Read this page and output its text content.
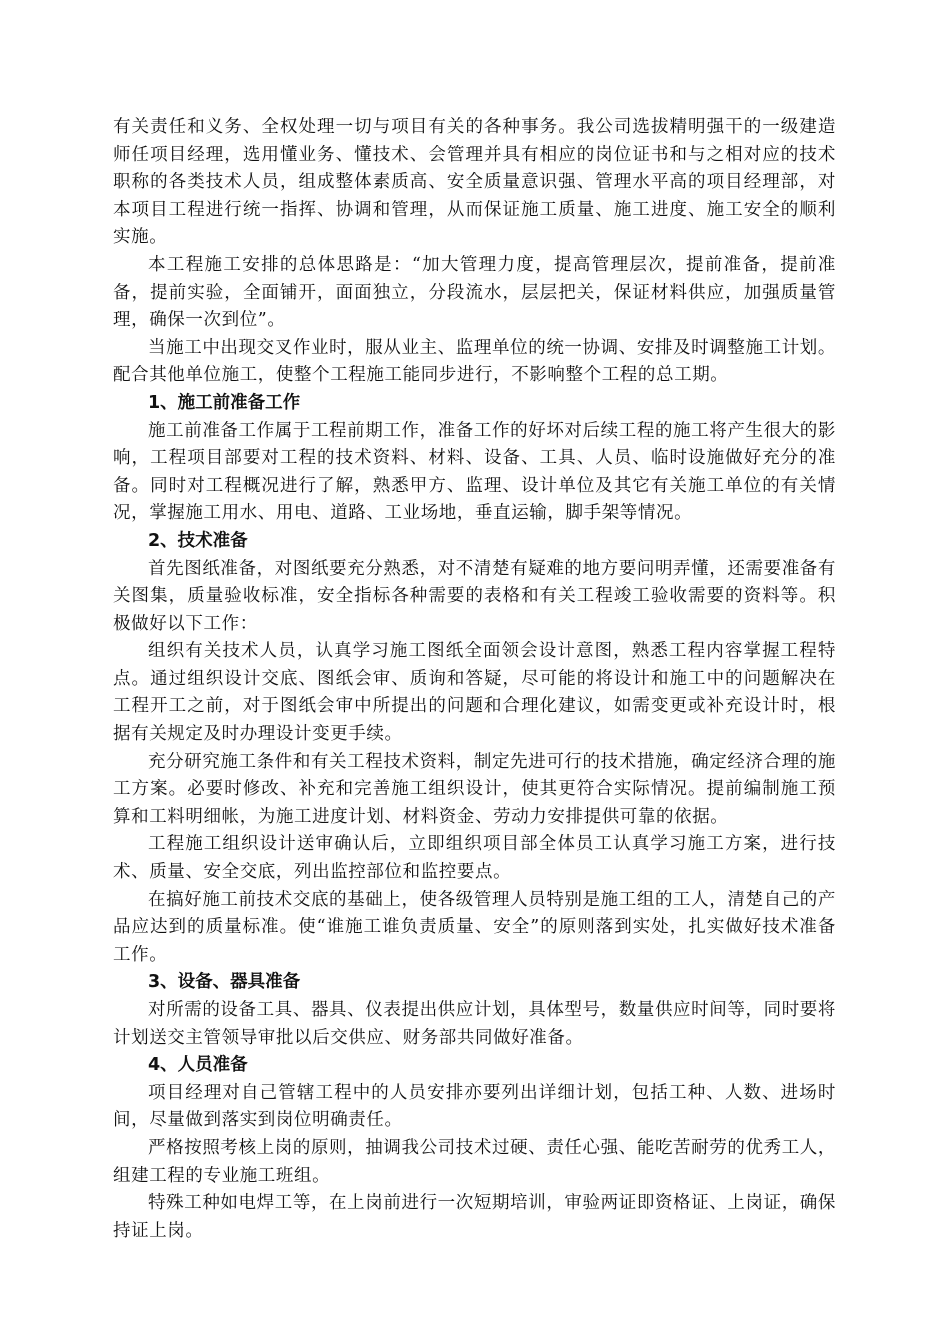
有关责任和义务、全权处理一切与项目有关的各种事务。我公司选拔精明强干的一级建造师任项目经理，选用懂业务、懂技术、会管理并具有相应的岗位证书和与之相对应的技术职称的各类技术人员，组成整体素质高、安全质量意识强、管理水平高的项目经理部，对本项目工程进行统一指挥、协调和管理，从而保证施工质量、施工进度、施工安全的顺利实施。

本工程施工安排的总体思路是：“加大管理力度，提高管理层次，提前准备，提前准备，提前实验，全面铺开，面面独立，分段流水，层层把关，保证材料供应，加强质量管理，确保一次到位”。

当施工中出现交叉作业时，服从业主、监理单位的统一协调、安排及时调整施工计划。配合其他单位施工，使整个工程施工能同步进行，不影响整个工程的总工期。

1、施工前准备工作

施工前准备工作属于工程前期工作，准备工作的好坏对后续工程的施工将产生很大的影响，工程项目部要对工程的技术资料、材料、设备、工具、人员、临时设施做好充分的准备。同时对工程概况进行了解，熟悉甲方、监理、设计单位及其它有关施工单位的有关情况，掌握施工用水、用电、道路、工业场地，垂直运输，脚手架等情况。

2、技术准备

首先图纸准备，对图纸要充分熟悉，对不清楚有疑难的地方要问明弄懂，还需要准备有关图集，质量验收标准，安全指标各种需要的表格和有关工程竣工验收需要的资料等。积极做好以下工作：

组织有关技术人员，认真学习施工图纸全面领会设计意图，熟悉工程内容掌握工程特点。通过组织设计交底、图纸会审、质询和答疑，尽可能的将设计和施工中的问题解决在工程开工之前，对于图纸会审中所提出的问题和合理化建议，如需变更或补充设计时，根据有关规定及时办理设计变更手续。

充分研究施工条件和有关工程技术资料，制定先进可行的技术措施，确定经济合理的施工方案。必要时修改、补充和完善施工组织设计，使其更符合实际情况。提前编制施工预算和工料明细帐，为施工进度计划、材料资金、劳动力安排提供可靠的依据。

工程施工组织设计送审确认后，立即组织项目部全体员工认真学习施工方案，进行技术、质量、安全交底，列出监控部位和监控要点。

在搞好施工前技术交底的基础上，使各级管理人员特别是施工组的工人，清楚自己的产品应达到的质量标准。使“谁施工谁负责质量、安全”的原则落到实处，扎实做好技术准备工作。

3、设备、器具准备

对所需的设备工具、器具、仪表提出供应计划，具体型号，数量供应时间等，同时要将计划送交主管领导审批以后交供应、财务部共同做好准备。

4、人员准备

项目经理对自己管辖工程中的人员安排亦要列出详细计划，包括工种、人数、进场时间，尽量做到落实到岗位明确责任。

严格按照考核上岗的原则，抽调我公司技术过硬、责任心强、能吃苦耐劳的优秀工人，组建工程的专业施工班组。

特殊工种如电焊工等，在上岗前进行一次短期培训，审验两证即资格证、上岗证，确保持证上岗。
